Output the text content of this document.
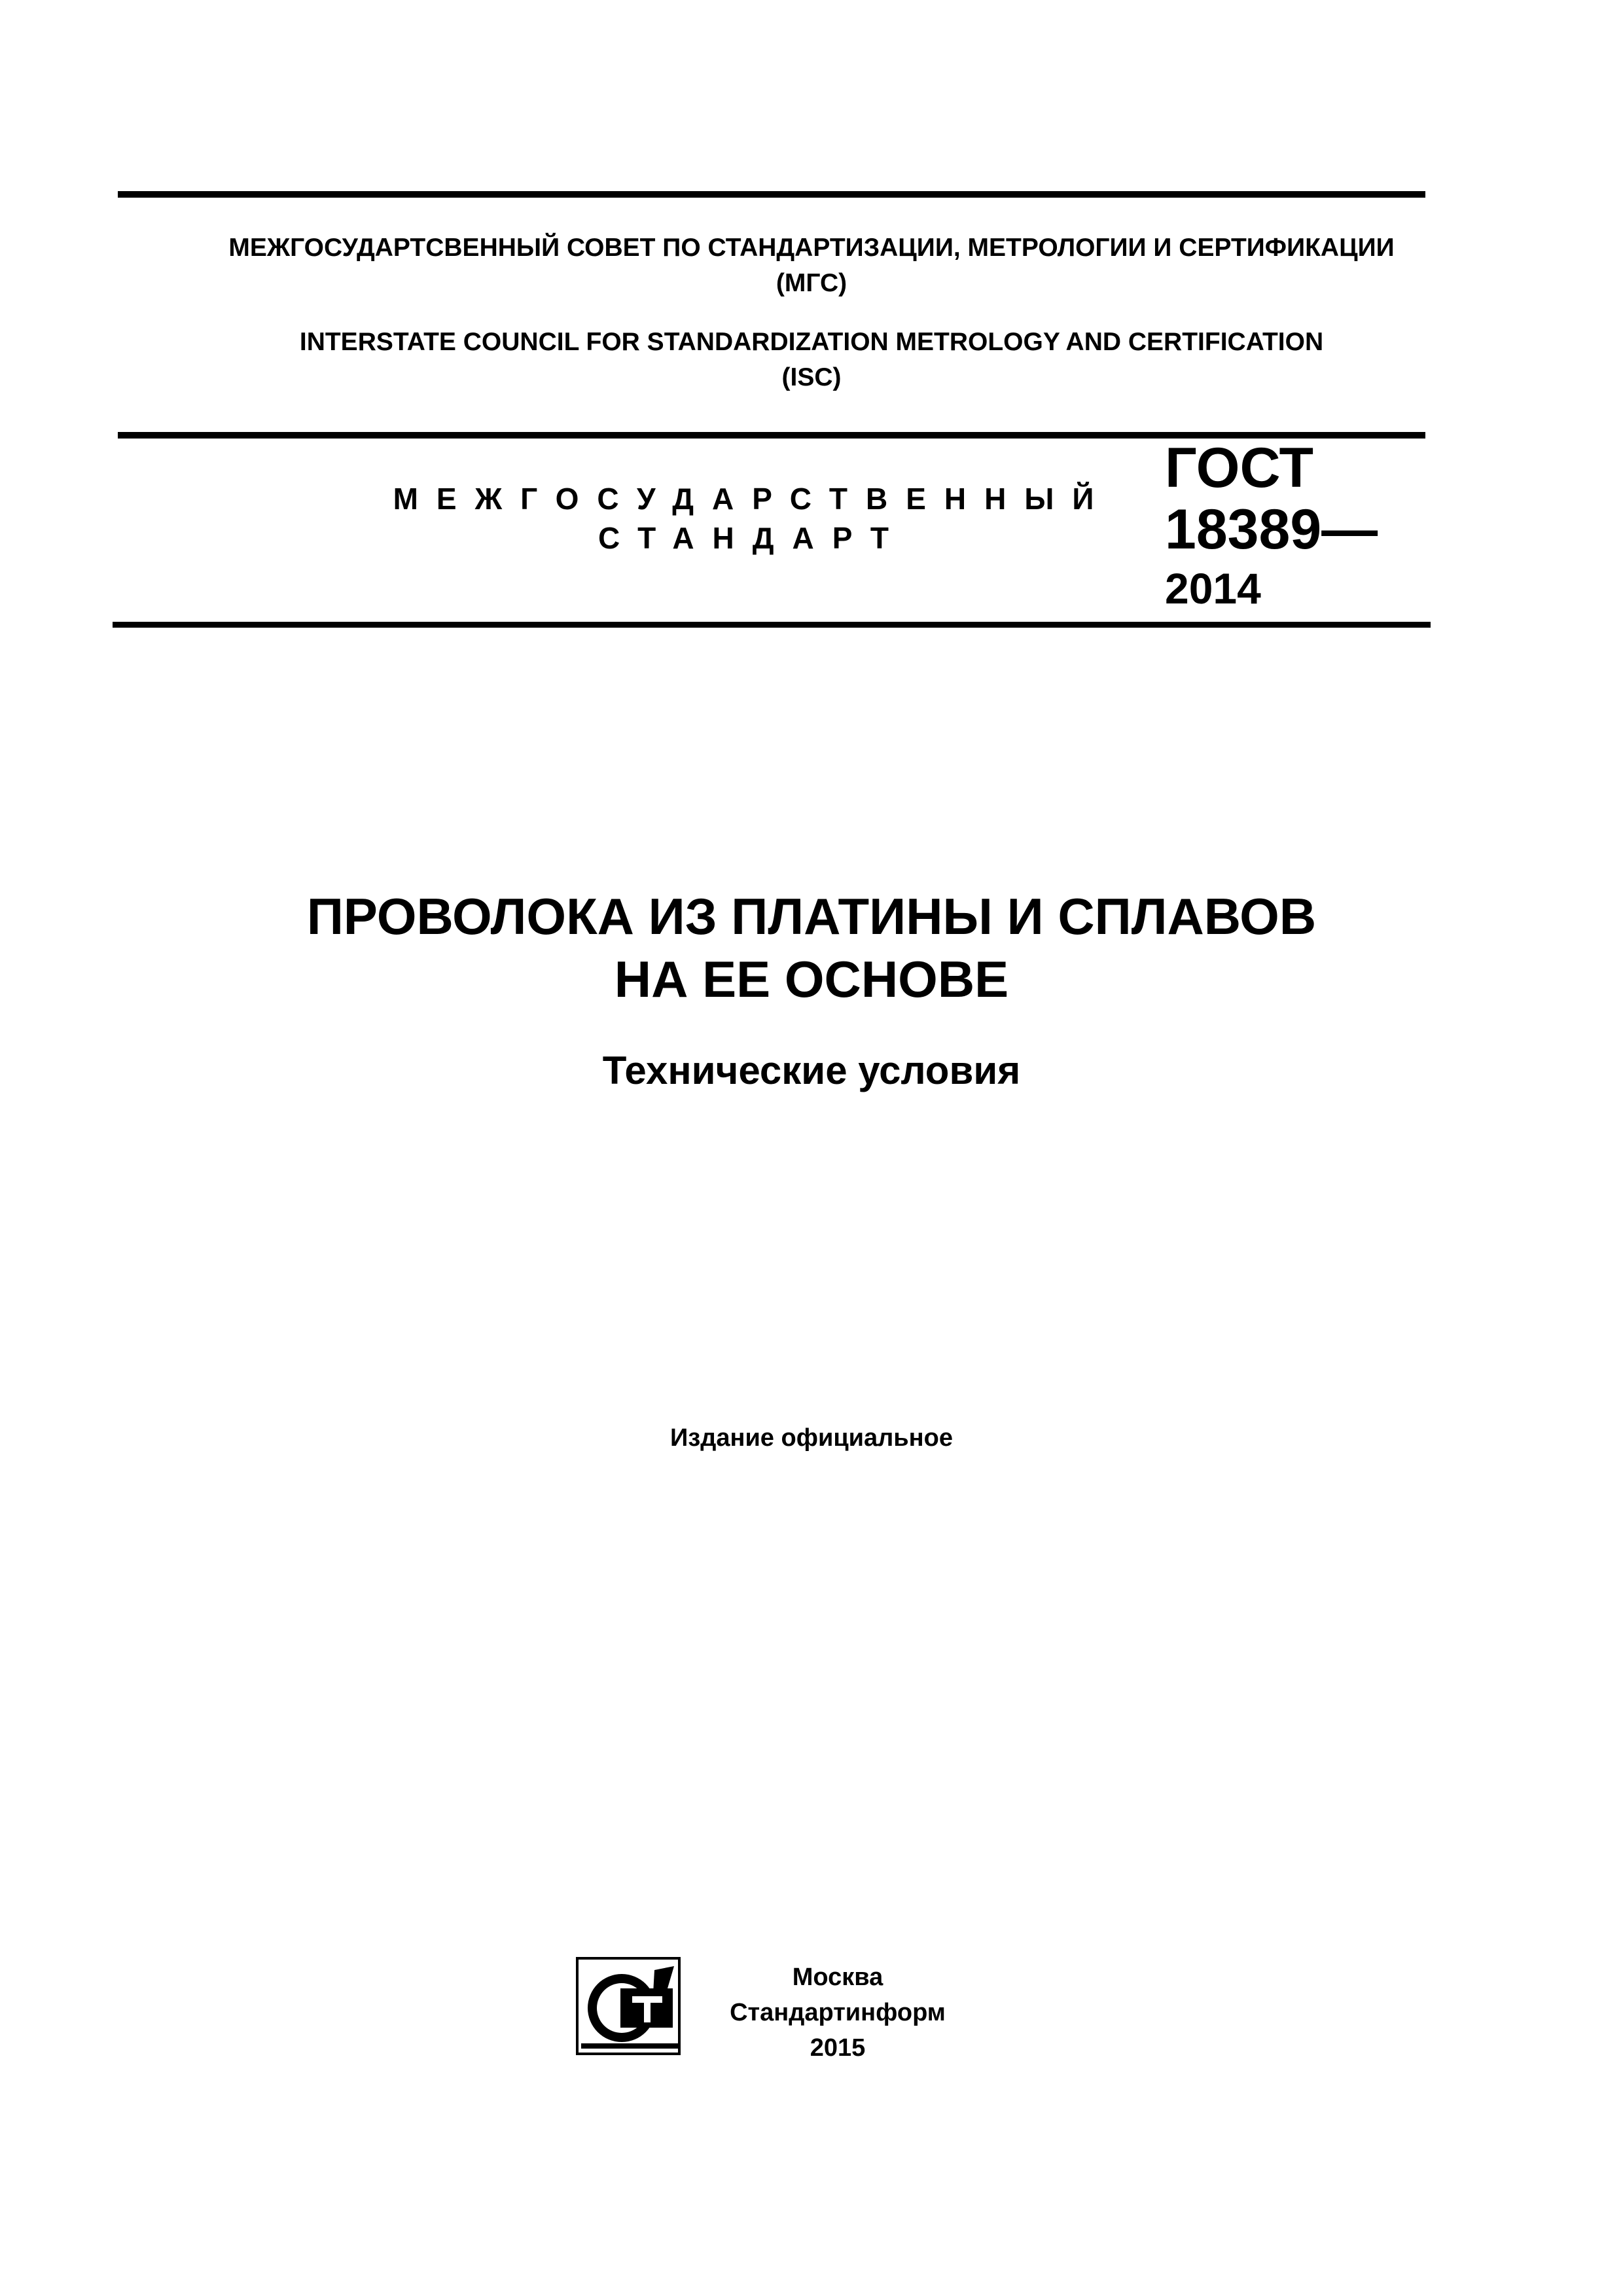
МЕЖГОСУДАРТСВЕННЫЙ СОВЕТ ПО СТАНДАРТИЗАЦИИ, МЕТРОЛОГИИ И СЕРТИФИКАЦИИ
(МГС)
INTERSTATE COUNCIL FOR STANDARDIZATION METROLOGY AND CERTIFICATION
(ISC)
МЕЖГОСУДАРСТВЕННЫЙ
СТАНДАРТ
ГОСТ
18389—
2014
ПРОВОЛОКА ИЗ ПЛАТИНЫ И СПЛАВОВ
НА ЕЕ ОСНОВЕ
Технические условия
Издание официальное
Москва
Стандартинформ
2015
